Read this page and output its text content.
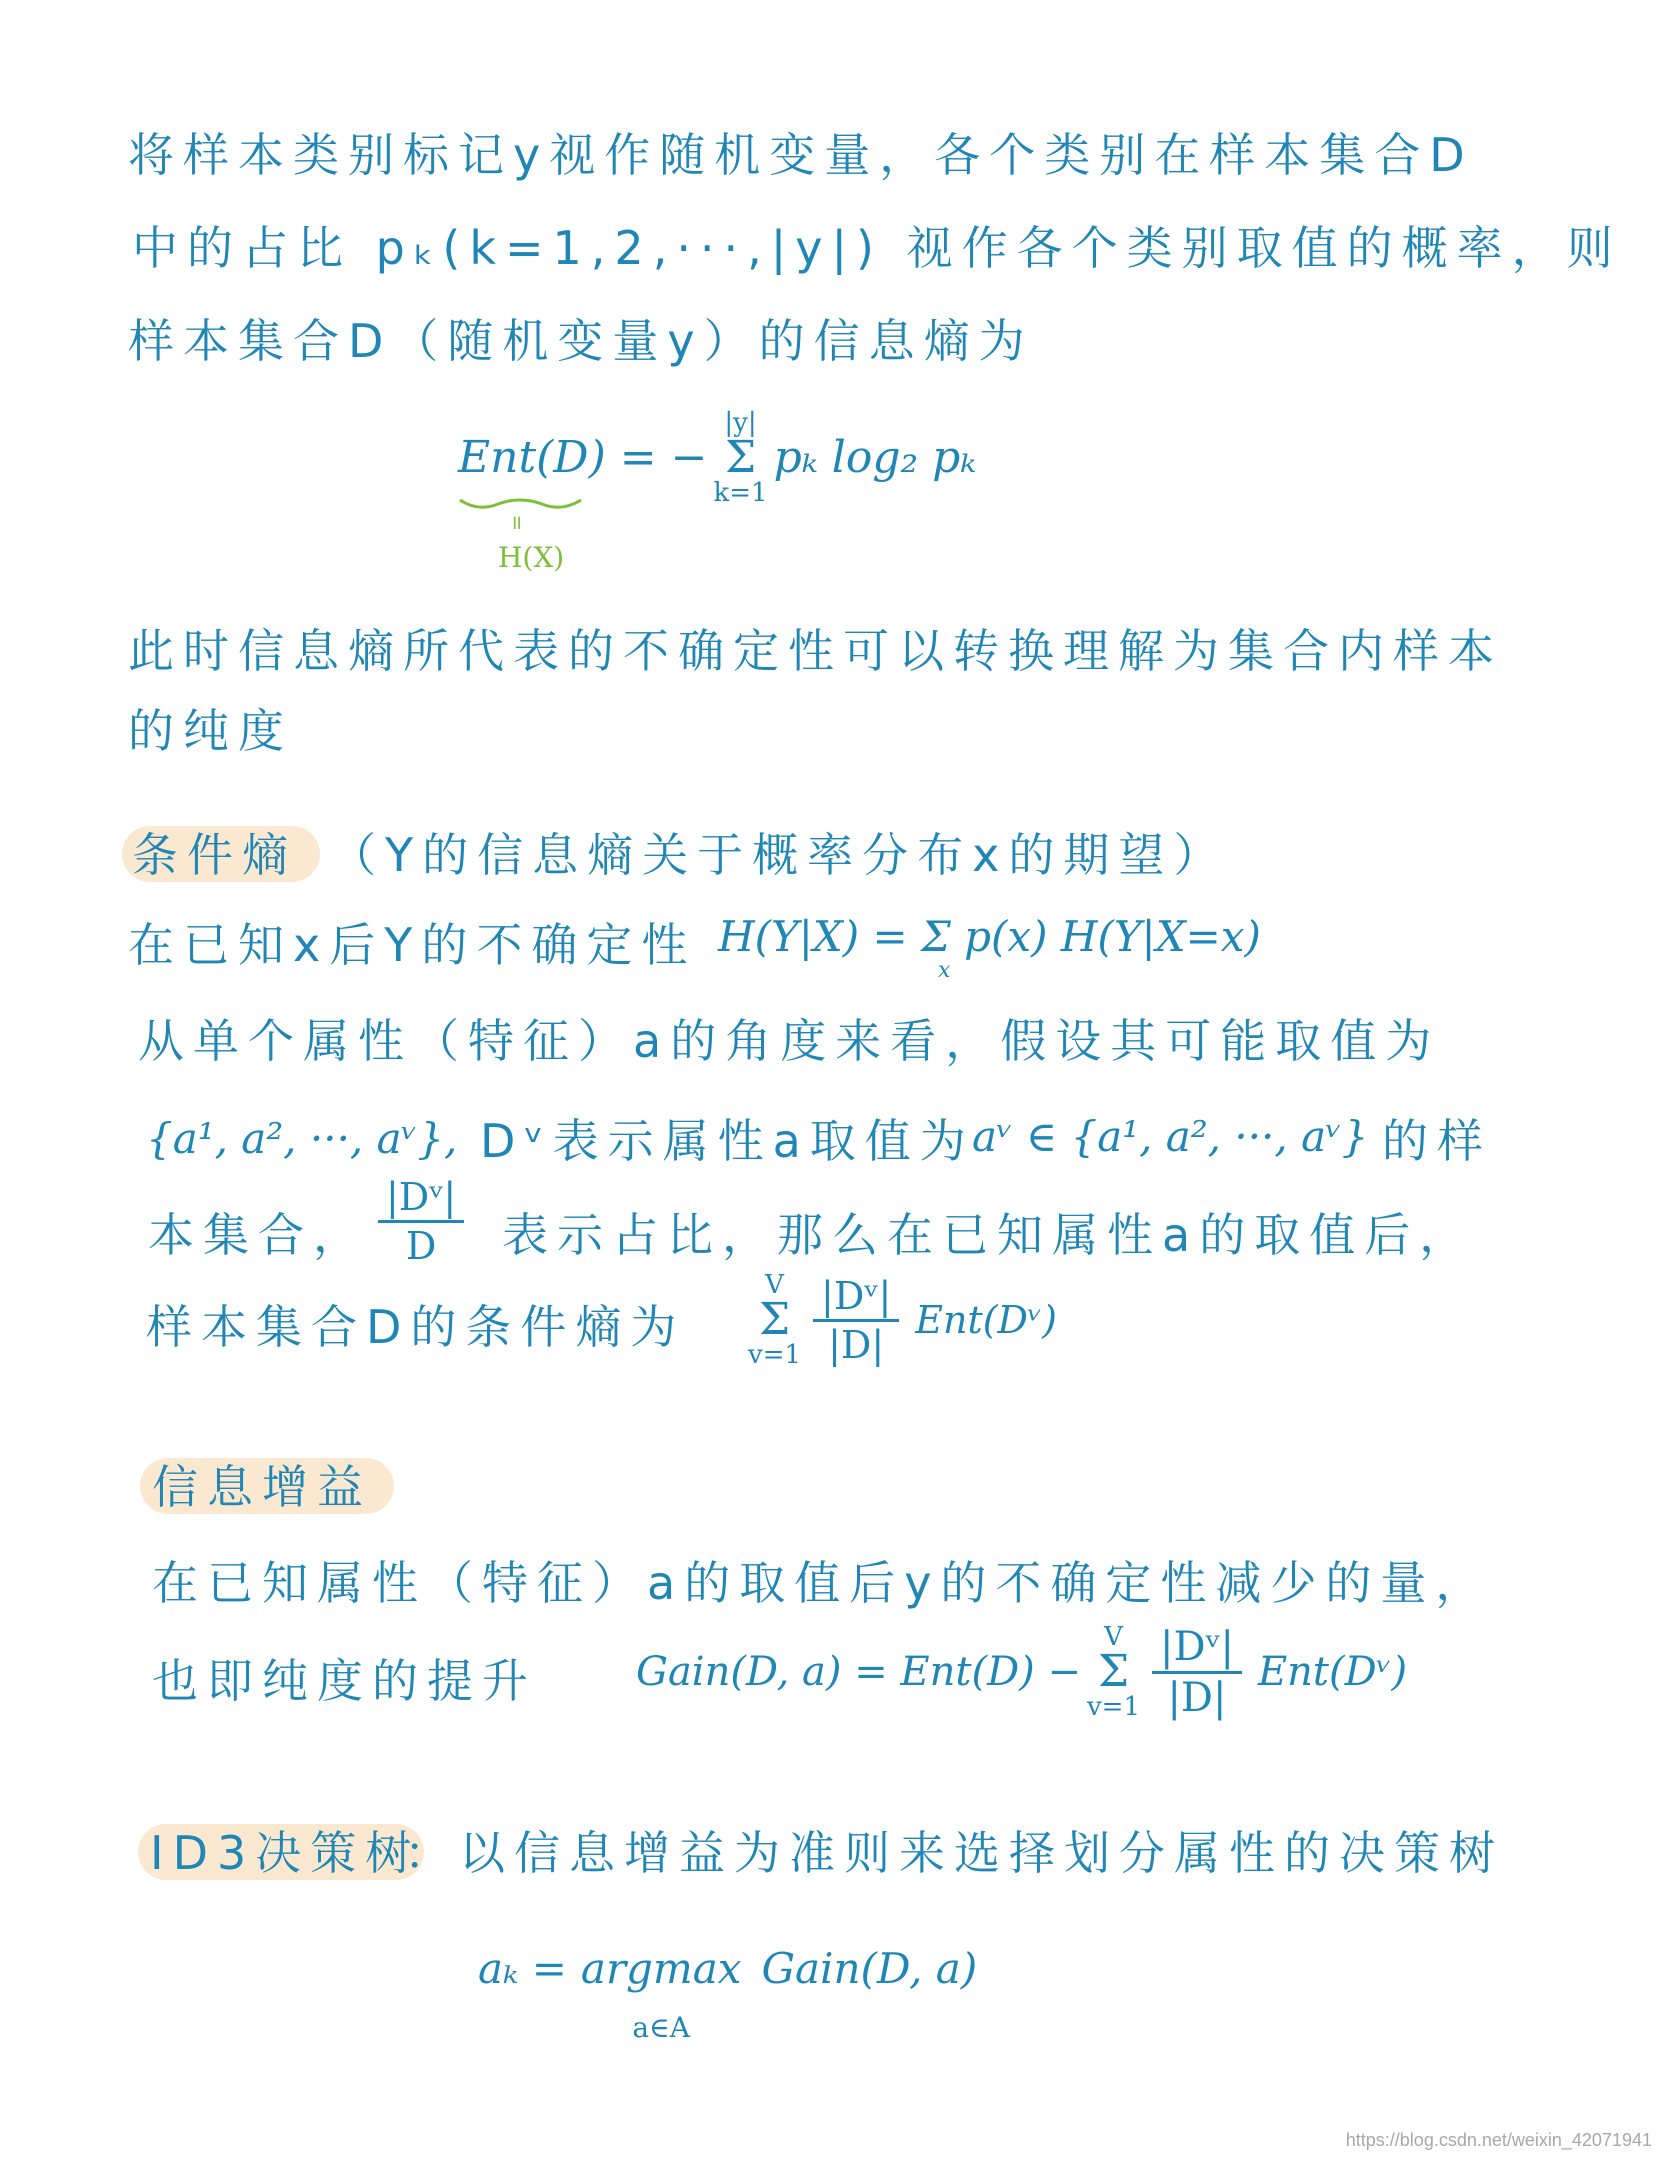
将样本类别标记y视作随机变量，各个类别在样本集合D
中的占比 pₖ(k=1,2,···,|y|) 视作各个类别取值的概率，则
样本集合D（随机变量y）的信息熵为
Ent(D) = −
|y|
Σ
k=1
pₖ log₂ pₖ
॥
H(X)
此时信息熵所代表的不确定性可以转换理解为集合内样本
的纯度
条件熵 （Y的信息熵关于概率分布x的期望）
在已知x后Y的不确定性 H(Y|X) = Σ p(x) H(Y|X=x)
x
从单个属性（特征）a的角度来看，假设其可能取值为
{a¹, a², ···, aᵛ}, Dᵛ表示属性a取值为
aᵛ ∈ {a¹, a², ···, aᵛ} 的样
本集合， $\frac{\text{|Dᵛ|}}{D}$ 表示占比，那么在已知属性a的取值后，
样本集合D的条件熵为
V
Σ
$v=1 \frac{\text{|Dᵛ|}}{|D|}$ Ent(Dᵛ)
信息增益
在已知属性（特征）a的取值后y的不确定性减少的量，
也即纯度的提升 Gain(D, a) = Ent(D) −
V
Σ
$v=1 \frac{\text{|Dᵛ|}}{|D|}$ Ent(Dᵛ)
ID3决策树
：以信息增益为准则来选择划分属性的决策树
aₖ = argmax
a∈A
Gain(D, a)
https://blog.csdn.net/weixin_42071941
